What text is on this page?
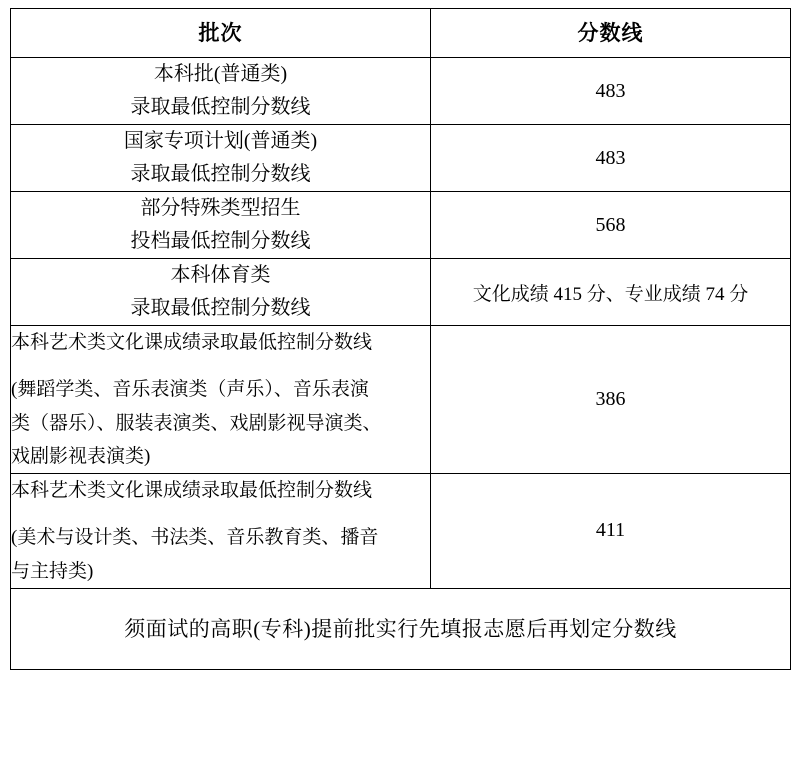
批次	分数线

本科批(普通类)
录取最低控制分数线	483

国家专项计划(普通类)
录取最低控制分数线	483

部分特殊类型招生
投档最低控制分数线	568

本科体育类
录取最低控制分数线	文化成绩 415 分、专业成绩 74 分

本科艺术类文化课成绩录取最低控制分数线
(舞蹈学类、音乐表演类（声乐）、音乐表演
类（器乐）、服装表演类、戏剧影视导演类、
戏剧影视表演类)	386

本科艺术类文化课成绩录取最低控制分数线
(美术与设计类、书法类、音乐教育类、播音
与主持类)	411
须面试的高职(专科)提前批实行先填报志愿后再划定分数线	
